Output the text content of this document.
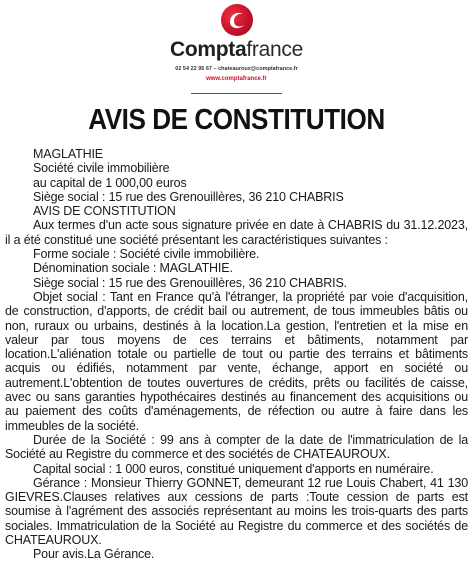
Comptafrance
02 54 22 95 67 – chateauroux@comptafrance.fr
www.comptafrance.fr
AVIS DE CONSTITUTION

MAGLATHIE

Société civile immobilière

au capital de 1 000,00 euros

Siège social : 15 rue des Grenouillères, 36 210 CHABRIS

AVIS DE CONSTITUTION

Aux termes d'un acte sous signature privée en date à CHABRIS du 31.12.2023, il a été constitué une société présentant les caractéristiques suivantes :

Forme sociale : Société civile immobilière.

Dénomination sociale : MAGLATHIE.

Siège social : 15 rue des Grenouillères, 36 210 CHABRIS.

Objet social : Tant en France qu'à l'étranger, la propriété par voie d'acquisition, de construction, d'apports, de crédit bail ou autrement, de tous immeubles bâtis ou non, ruraux ou urbains, destinés à la location.La gestion, l'entretien et la mise en valeur par tous moyens de ces terrains et bâtiments, notamment par location.L'aliénation totale ou partielle de tout ou partie des terrains et bâtiments acquis ou édifiés, notamment par vente, échange, apport en société ou autrement.L'obtention de toutes ouvertures de crédits, prêts ou facilités de caisse, avec ou sans garanties hypothécaires destinés au financement des acquisitions ou au paiement des coûts d'aménagements, de réfection ou autre à faire dans les immeubles de la société.

Durée de la Société : 99 ans à compter de la date de l'immatriculation de la Société au Registre du commerce et des sociétés de CHATEAUROUX.

Capital social : 1 000 euros, constitué uniquement d'apports en numéraire.

Gérance : Monsieur Thierry GONNET, demeurant 12 rue Louis Chabert, 41 130 GIEVRES.Clauses relatives aux cessions de parts :Toute cession de parts est soumise à l'agrément des associés représentant au moins les trois-quarts des parts sociales. Immatriculation de la Société au Registre du commerce et des sociétés de CHATEAUROUX.

Pour avis.La Gérance.
